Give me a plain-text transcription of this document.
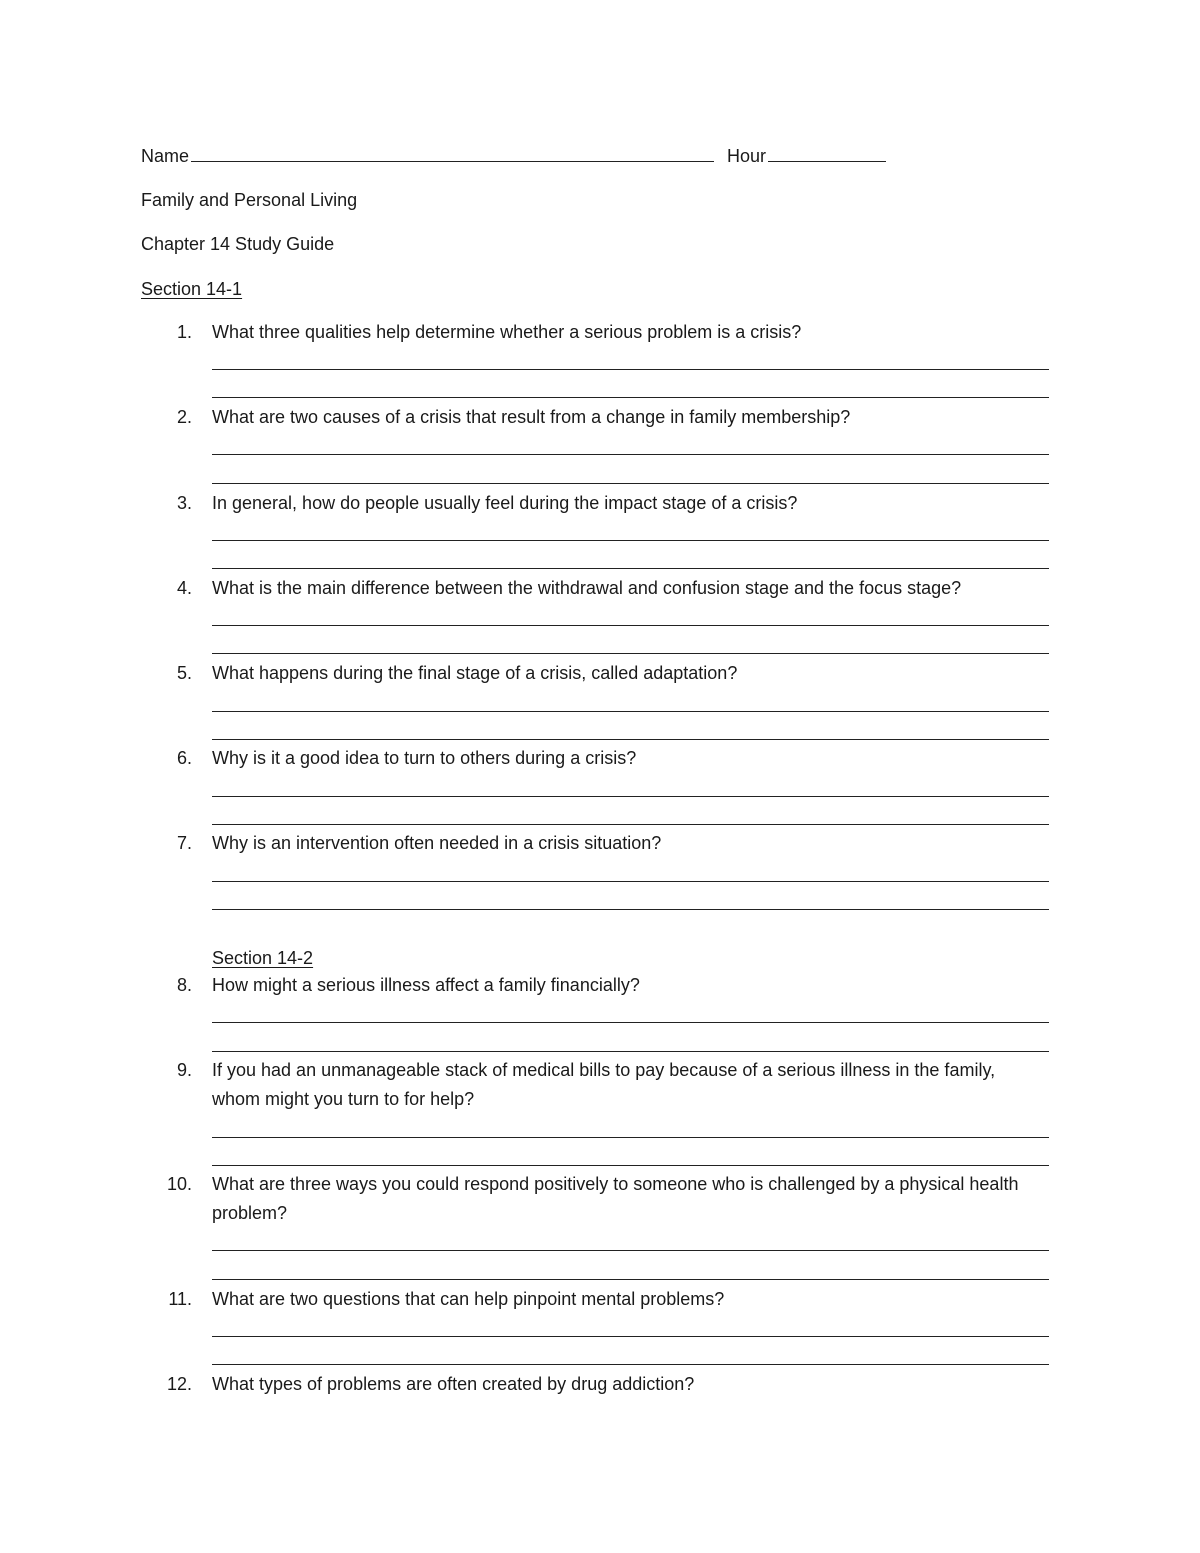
Name	Hour
Family and Personal Living
Chapter 14 Study Guide
Section 14-1
1. What three qualities help determine whether a serious problem is a crisis?
2. What are two causes of a crisis that result from a change in family membership?
3. In general, how do people usually feel during the impact stage of a crisis?
4. What is the main difference between the withdrawal and confusion stage and the focus stage?
5. What happens during the final stage of a crisis, called adaptation?
6. Why is it a good idea to turn to others during a crisis?
7. Why is an intervention often needed in a crisis situation?
Section 14-2
8. How might a serious illness affect a family financially?
9. If you had an unmanageable stack of medical bills to pay because of a serious illness in the family, whom might you turn to for help?
10. What are three ways you could respond positively to someone who is challenged by a physical health problem?
11. What are two questions that can help pinpoint mental problems?
12. What types of problems are often created by drug addiction?
